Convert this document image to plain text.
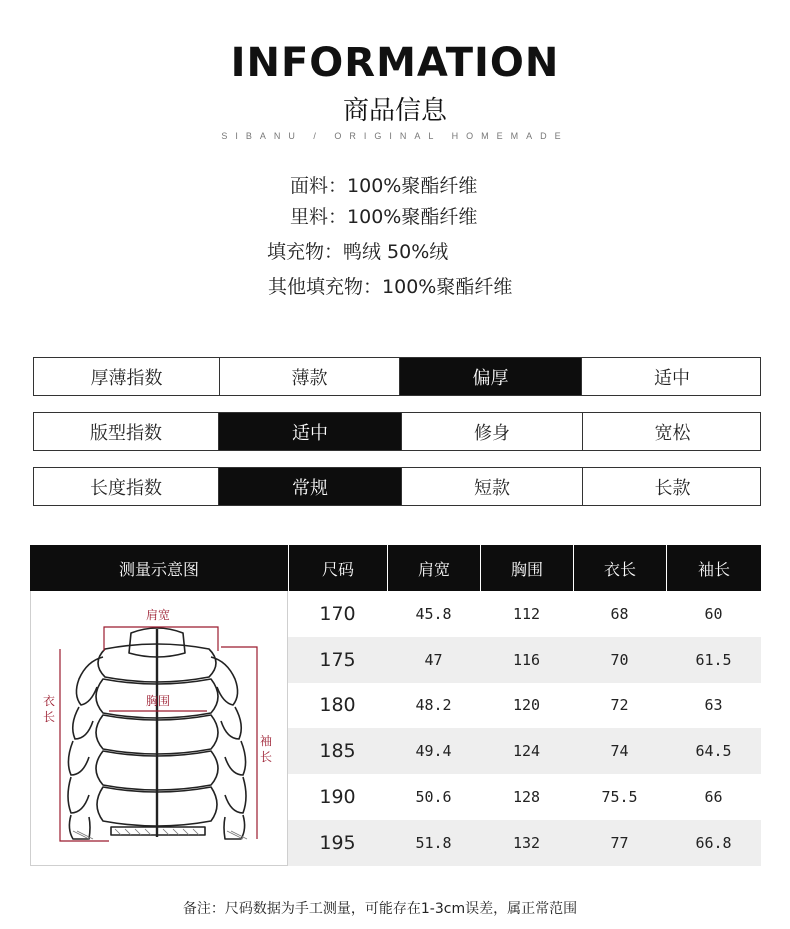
INFORMATION
商品信息
SIBANU / ORIGINAL HOMEMADE
面料：100%聚酯纤维
里料：100%聚酯纤维
填充物：鸭绒 50%绒
其他填充物：100%聚酯纤维
厚薄指数	薄款	偏厚	适中
版型指数	适中	修身	宽松
长度指数	常规	短款	长款
测量示意图	尺码	肩宽	胸围	衣长	袖长
肩宽
胸围
衣
长
袖
长
170	45.8	112	68	60
175	47	116	70	61.5
180	48.2	120	72	63
185	49.4	124	74	64.5
190	50.6	128	75.5	66
195	51.8	132	77	66.8
备注：尺码数据为手工测量，可能存在1-3cm误差，属正常范围
